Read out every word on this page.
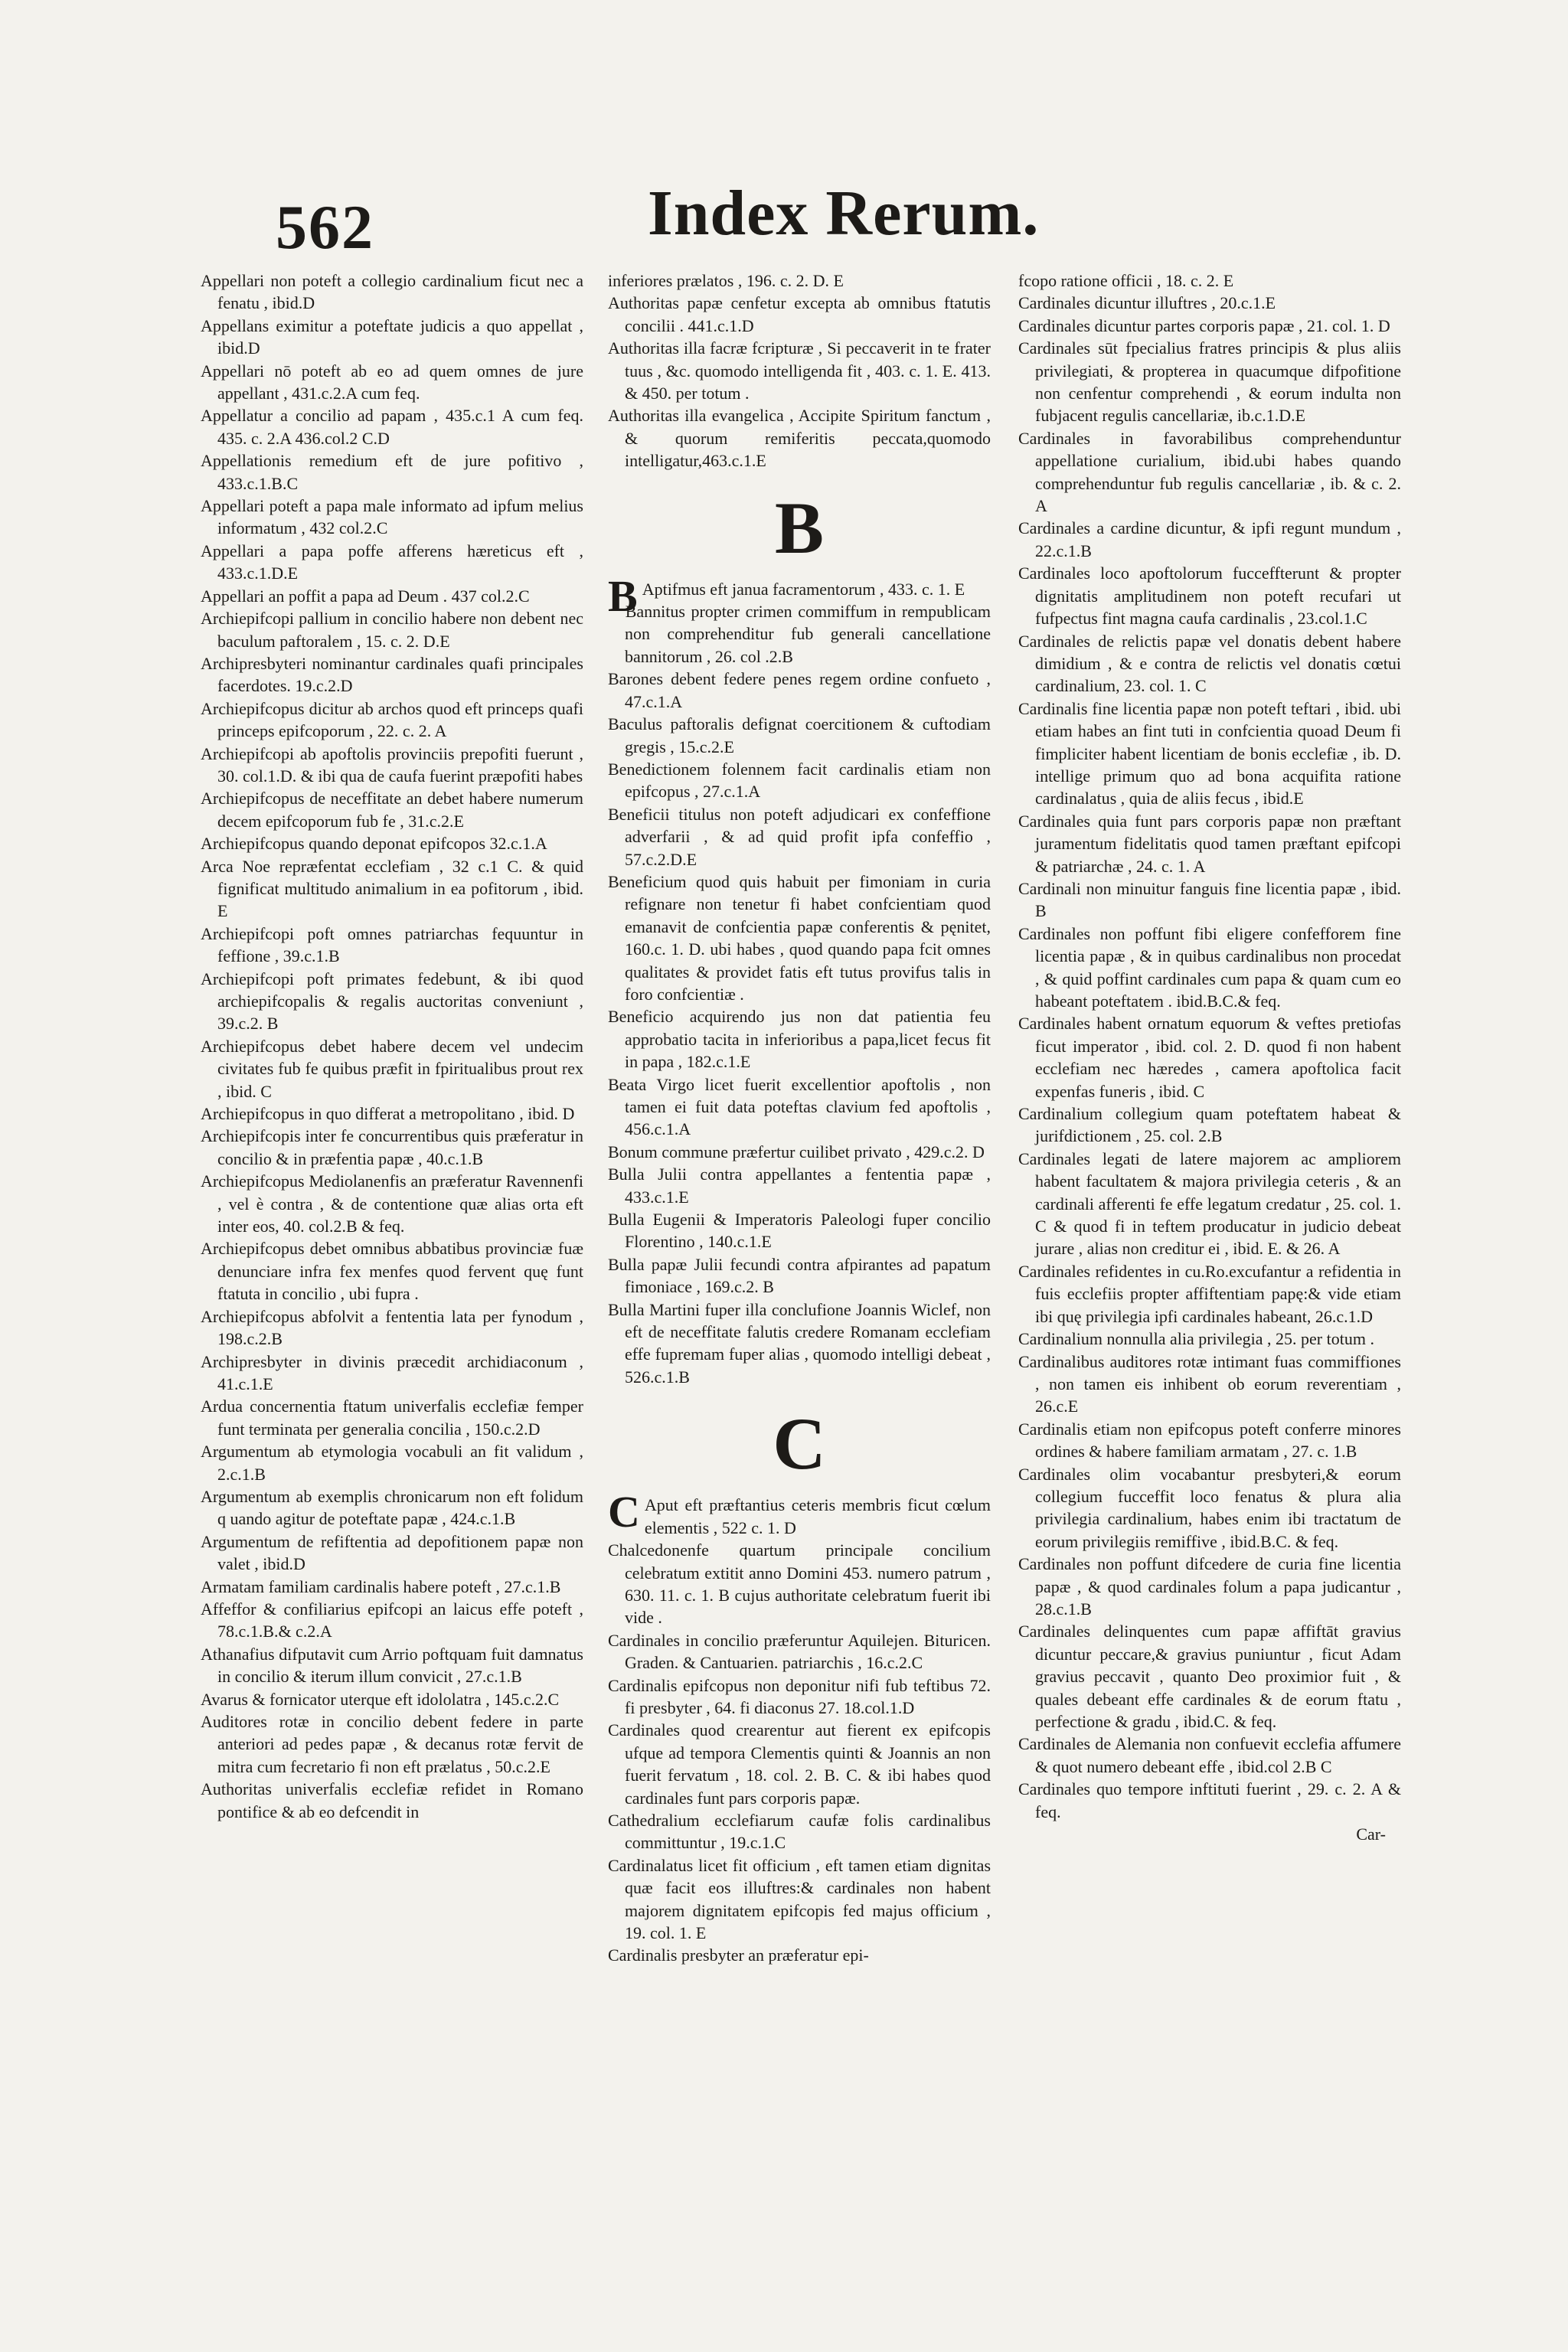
562	Index Rerum.

Appellari non poteft a collegio cardinalium ficut nec a fenatu , ibid.D

Appellans eximitur a poteftate judicis a quo appellat , ibid.D

Appellari nō poteft ab eo ad quem omnes de jure appellant , 431.c.2.A cum feq.

Appellatur a concilio ad papam , 435.c.1 A cum feq. 435. c. 2.A 436.col.2 C.D

Appellationis remedium eft de jure pofitivo , 433.c.1.B.C

Appellari poteft a papa male informato ad ipfum melius informatum , 432 col.2.C

Appellari a papa poffe afferens hæreticus eft , 433.c.1.D.E

Appellari an poffit a papa ad Deum . 437 col.2.C

Archiepifcopi pallium in concilio habere non debent nec baculum paftoralem , 15. c. 2. D.E

Archipresbyteri nominantur cardinales quafi principales facerdotes. 19.c.2.D

Archiepifcopus dicitur ab archos quod eft princeps quafi princeps epifcoporum , 22. c. 2. A

Archiepifcopi ab apoftolis provinciis prepofiti fuerunt , 30. col.1.D. & ibi qua de caufa fuerint præpofiti habes

Archiepifcopus de neceffitate an debet habere numerum decem epifcoporum fub fe , 31.c.2.E

Archiepifcopus quando deponat epifcopos 32.c.1.A

Arca Noe repræfentat ecclefiam , 32 c.1 C. & quid fignificat multitudo animalium in ea pofitorum , ibid. E

Archiepifcopi poft omnes patriarchas fequuntur in feffione , 39.c.1.B

Archiepifcopi poft primates fedebunt, & ibi quod archiepifcopalis & regalis auctoritas conveniunt , 39.c.2. B

Archiepifcopus debet habere decem vel undecim civitates fub fe quibus præfit in fpiritualibus prout rex , ibid. C

Archiepifcopus in quo differat a metropolitano , ibid. D

Archiepifcopis inter fe concurrentibus quis præferatur in concilio & in præfentia papæ , 40.c.1.B

Archiepifcopus Mediolanenfis an præferatur Ravennenfi , vel è contra , & de contentione quæ alias orta eft inter eos, 40. col.2.B & feq.

Archiepifcopus debet omnibus abbatibus provinciæ fuæ denunciare infra fex menfes quod fervent quę funt ftatuta in concilio , ubi fupra .

Archiepifcopus abfolvit a fententia lata per fynodum , 198.c.2.B

Archipresbyter in divinis præcedit archidiaconum , 41.c.1.E

Ardua concernentia ftatum univerfalis ecclefiæ femper funt terminata per generalia concilia , 150.c.2.D

Argumentum ab etymologia vocabuli an fit validum , 2.c.1.B

Argumentum ab exemplis chronicarum non eft folidum q uando agitur de poteftate papæ , 424.c.1.B

Argumentum de refiftentia ad depofitionem papæ non valet , ibid.D

Armatam familiam cardinalis habere poteft , 27.c.1.B

Affeffor & confiliarius epifcopi an laicus effe poteft , 78.c.1.B.& c.2.A

Athanafius difputavit cum Arrio poftquam fuit damnatus in concilio & iterum illum convicit , 27.c.1.B

Avarus & fornicator uterque eft idololatra , 145.c.2.C

Auditores rotæ in concilio debent federe in parte anteriori ad pedes papæ , & decanus rotæ fervit de mitra cum fecretario fi non eft prælatus , 50.c.2.E

Authoritas univerfalis ecclefiæ refidet in Romano pontifice & ab eo defcendit in

inferiores prælatos , 196. c. 2. D. E

Authoritas papæ cenfetur excepta ab omnibus ftatutis concilii . 441.c.1.D

Authoritas illa facræ fcripturæ , Si peccaverit in te frater tuus , &c. quomodo intelligenda fit , 403. c. 1. E. 413. & 450. per totum .

Authoritas illa evangelica , Accipite Spiritum fanctum , & quorum remiferitis peccata,quomodo intelligatur,463.c.1.E

B

B Aptifmus eft janua facramentorum , 433. c. 1. E

Bannitus propter crimen commiffum in rempublicam non comprehenditur fub generali cancellatione bannitorum , 26. col .2.B

Barones debent federe penes regem ordine confueto , 47.c.1.A

Baculus paftoralis defignat coercitionem & cuftodiam gregis , 15.c.2.E

Benedictionem folennem facit cardinalis etiam non epifcopus , 27.c.1.A

Beneficii titulus non poteft adjudicari ex confeffione adverfarii , & ad quid profit ipfa confeffio , 57.c.2.D.E

Beneficium quod quis habuit per fimoniam in curia refignare non tenetur fi habet confcientiam quod emanavit de confcientia papæ conferentis & pęnitet, 160.c. 1. D. ubi habes , quod quando papa fcit omnes qualitates & providet fatis eft tutus provifus talis in foro confcientiæ .

Beneficio acquirendo jus non dat patientia feu approbatio tacita in inferioribus a papa,licet fecus fit in papa , 182.c.1.E

Beata Virgo licet fuerit excellentior apoftolis , non tamen ei fuit data poteftas clavium fed apoftolis , 456.c.1.A

Bonum commune præfertur cuilibet privato , 429.c.2. D

Bulla Julii contra appellantes a fententia papæ , 433.c.1.E

Bulla Eugenii & Imperatoris Paleologi fuper concilio Florentino , 140.c.1.E

Bulla papæ Julii fecundi contra afpirantes ad papatum fimoniace , 169.c.2. B

Bulla Martini fuper illa conclufione Joannis Wiclef, non eft de neceffitate falutis credere Romanam ecclefiam effe fupremam fuper alias , quomodo intelligi debeat , 526.c.1.B

C

C Aput eft præftantius ceteris membris ficut cœlum elementis , 522 c. 1. D

Chalcedonenfe quartum principale concilium celebratum extitit anno Domini 453. numero patrum , 630. 11. c. 1. B cujus authoritate celebratum fuerit ibi vide .

Cardinales in concilio præferuntur Aquilejen. Bituricen. Graden. & Cantuarien. patriarchis , 16.c.2.C

Cardinalis epifcopus non deponitur nifi fub teftibus 72. fi presbyter , 64. fi diaconus 27. 18.col.1.D

Cardinales quod crearentur aut fierent ex epifcopis ufque ad tempora Clementis quinti & Joannis an non fuerit fervatum , 18. col. 2. B. C. & ibi habes quod cardinales funt pars corporis papæ.

Cathedralium ecclefiarum caufæ folis cardinalibus committuntur , 19.c.1.C

Cardinalatus licet fit officium , eft tamen etiam dignitas quæ facit eos illuftres:& cardinales non habent majorem dignitatem epifcopis fed majus officium , 19. col. 1. E

Cardinalis presbyter an præferatur epi-

fcopo ratione officii , 18. c. 2. E

Cardinales dicuntur illuftres , 20.c.1.E

Cardinales dicuntur partes corporis papæ , 21. col. 1. D

Cardinales sūt fpecialius fratres principis & plus aliis privilegiati, & propterea in quacumque difpofitione non cenfentur comprehendi , & eorum indulta non fubjacent regulis cancellariæ, ib.c.1.D.E

Cardinales in favorabilibus comprehenduntur appellatione curialium, ibid.ubi habes quando comprehenduntur fub regulis cancellariæ , ib. & c. 2. A

Cardinales a cardine dicuntur, & ipfi regunt mundum , 22.c.1.B

Cardinales loco apoftolorum fucceffterunt & propter dignitatis amplitudinem non poteft recufari ut fufpectus fint magna caufa cardinalis , 23.col.1.C

Cardinales de relictis papæ vel donatis debent habere dimidium , & e contra de relictis vel donatis cœtui cardinalium, 23. col. 1. C

Cardinalis fine licentia papæ non poteft teftari , ibid. ubi etiam habes an fint tuti in confcientia quoad Deum fi fimpliciter habent licentiam de bonis ecclefiæ , ib. D. intellige primum quo ad bona acquifita ratione cardinalatus , quia de aliis fecus , ibid.E

Cardinales quia funt pars corporis papæ non præftant juramentum fidelitatis quod tamen præftant epifcopi & patriarchæ , 24. c. 1. A

Cardinali non minuitur fanguis fine licentia papæ , ibid. B

Cardinales non poffunt fibi eligere confefforem fine licentia papæ , & in quibus cardinalibus non procedat , & quid poffint cardinales cum papa & quam cum eo habeant poteftatem . ibid.B.C.& feq.

Cardinales habent ornatum equorum & veftes pretiofas ficut imperator , ibid. col. 2. D. quod fi non habent ecclefiam nec hæredes , camera apoftolica facit expenfas funeris , ibid. C

Cardinalium collegium quam poteftatem habeat & jurifdictionem , 25. col. 2.B

Cardinales legati de latere majorem ac ampliorem habent facultatem & majora privilegia ceteris , & an cardinali afferenti fe effe legatum credatur , 25. col. 1. C & quod fi in teftem producatur in judicio debeat jurare , alias non creditur ei , ibid. E. & 26. A

Cardinales refidentes in cu.Ro.excufantur a refidentia in fuis ecclefiis propter affiftentiam papę:& vide etiam ibi quę privilegia ipfi cardinales habeant, 26.c.1.D

Cardinalium nonnulla alia privilegia , 25. per totum .

Cardinalibus auditores rotæ intimant fuas commiffiones , non tamen eis inhibent ob eorum reverentiam , 26.c.E

Cardinalis etiam non epifcopus poteft conferre minores ordines & habere familiam armatam , 27. c. 1.B

Cardinales olim vocabantur presbyteri,& eorum collegium fucceffit loco fenatus & plura alia privilegia cardinalium, habes enim ibi tractatum de eorum privilegiis remiffive , ibid.B.C. & feq.

Cardinales non poffunt difcedere de curia fine licentia papæ , & quod cardinales folum a papa judicantur , 28.c.1.B

Cardinales delinquentes cum papæ affiftāt gravius dicuntur peccare,& gravius puniuntur , ficut Adam gravius peccavit , quanto Deo proximior fuit , & quales debeant effe cardinales & de eorum ftatu , perfectione & gradu , ibid.C. & feq.

Cardinales de Alemania non confuevit ecclefia affumere & quot numero debeant effe , ibid.col 2.B C

Cardinales quo tempore inftituti fuerint , 29. c. 2. A & feq.

Car-
